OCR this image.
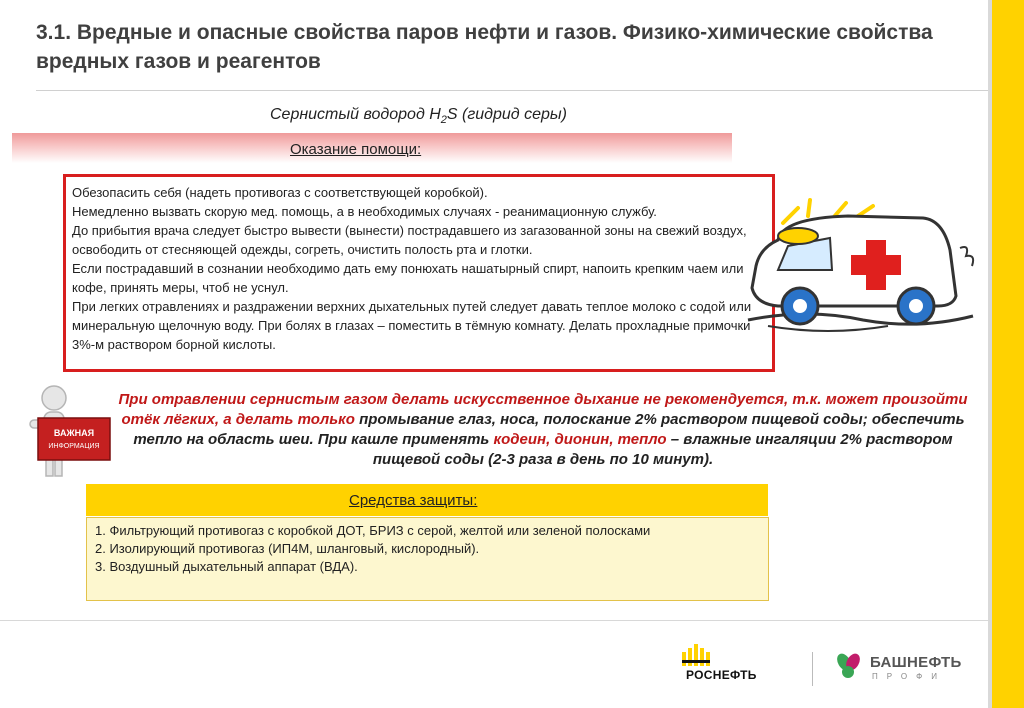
3.1. Вредные и опасные свойства паров нефти и газов. Физико-химические свойства вредных газов и реагентов
Сернистый водород $H_2S$ (гидрид серы)
Оказание помощи:

Обезопасить себя (надеть противогаз с соответствующей коробкой).

Немедленно вызвать скорую мед. помощь, а в необходимых случаях - реанимационную службу.

До прибытия врача следует быстро вывести (вынести) пострадавшего из загазованной зоны на свежий воздух, освободить от стесняющей одежды, согреть, очистить полость рта и глотки.

Если пострадавший в сознании необходимо дать ему понюхать нашатырный спирт, напоить крепким чаем или кофе, принять меры, чтоб не уснул.

При легких отравлениях и раздражении верхних дыхательных путей следует давать теплое молоко с содой или минеральную щелочную воду. При болях в глазах – поместить в тёмную комнату. Делать прохладные примочки 3%-м раствором борной кислоты.

ВАЖНАЯ
ИНФОРМАЦИЯ
При отравлении сернистым газом делать искусственное дыхание не рекомендуется, т.к. может произойти отёк лёгких, а делать только промывание глаз, носа, полоскание 2% раствором пищевой соды; обеспечить тепло на область шеи. При кашле применять кодеин, дионин, тепло – влажные ингаляции 2% раствором пищевой соды (2-3 раза в день по 10 минут).
Средства защиты:

1. Фильтрующий противогаз с коробкой ДОТ, БРИЗ с серой, желтой или зеленой полосками

2. Изолирующий противогаз (ИП4М, шланговый, кислородный).

3. Воздушный дыхательный аппарат (ВДА).

РОСНЕФТЬ
БАШНЕФТЬ
ПРОФИ
